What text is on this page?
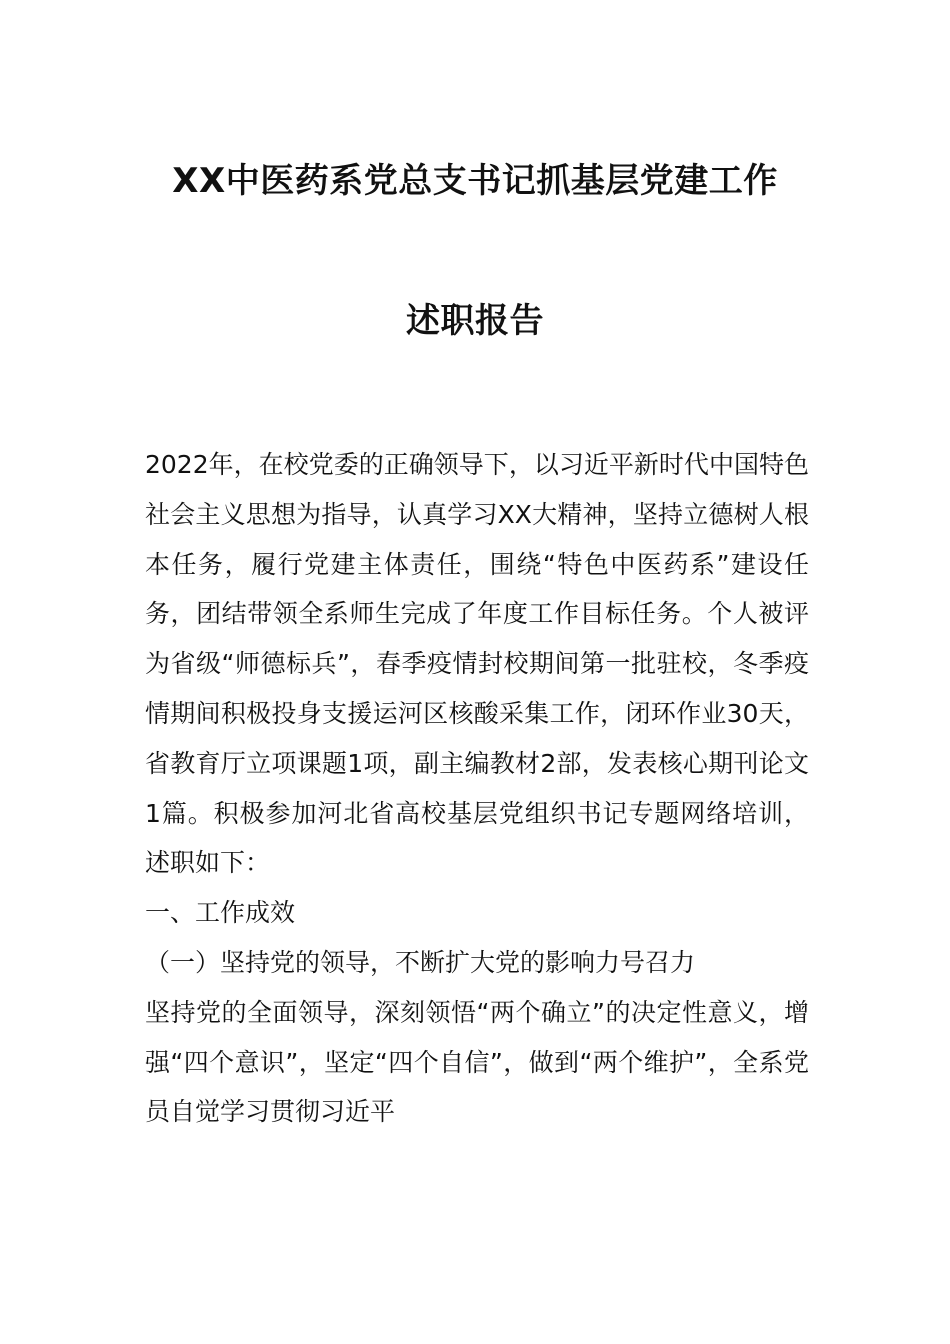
XX中医药系党总支书记抓基层党建工作
述职报告

2022年，在校党委的正确领导下，以习近平新时代中国特色社会主义思想为指导，认真学习XX大精神，坚持立德树人根本任务，履行党建主体责任，围绕“特色中医药系”建设任务，团结带领全系师生完成了年度工作目标任务。个人被评为省级“师德标兵”，春季疫情封校期间第一批驻校，冬季疫情期间积极投身支援运河区核酸采集工作，闭环作业30天，省教育厅立项课题1项，副主编教材2部，发表核心期刊论文1篇。积极参加河北省高校基层党组织书记专题网络培训，述职如下：

一、工作成效

（一）坚持党的领导，不断扩大党的影响力号召力

坚持党的全面领导，深刻领悟“两个确立”的决定性意义，增强“四个意识”，坚定“四个自信”，做到“两个维护”，全系党员自觉学习贯彻习近平
